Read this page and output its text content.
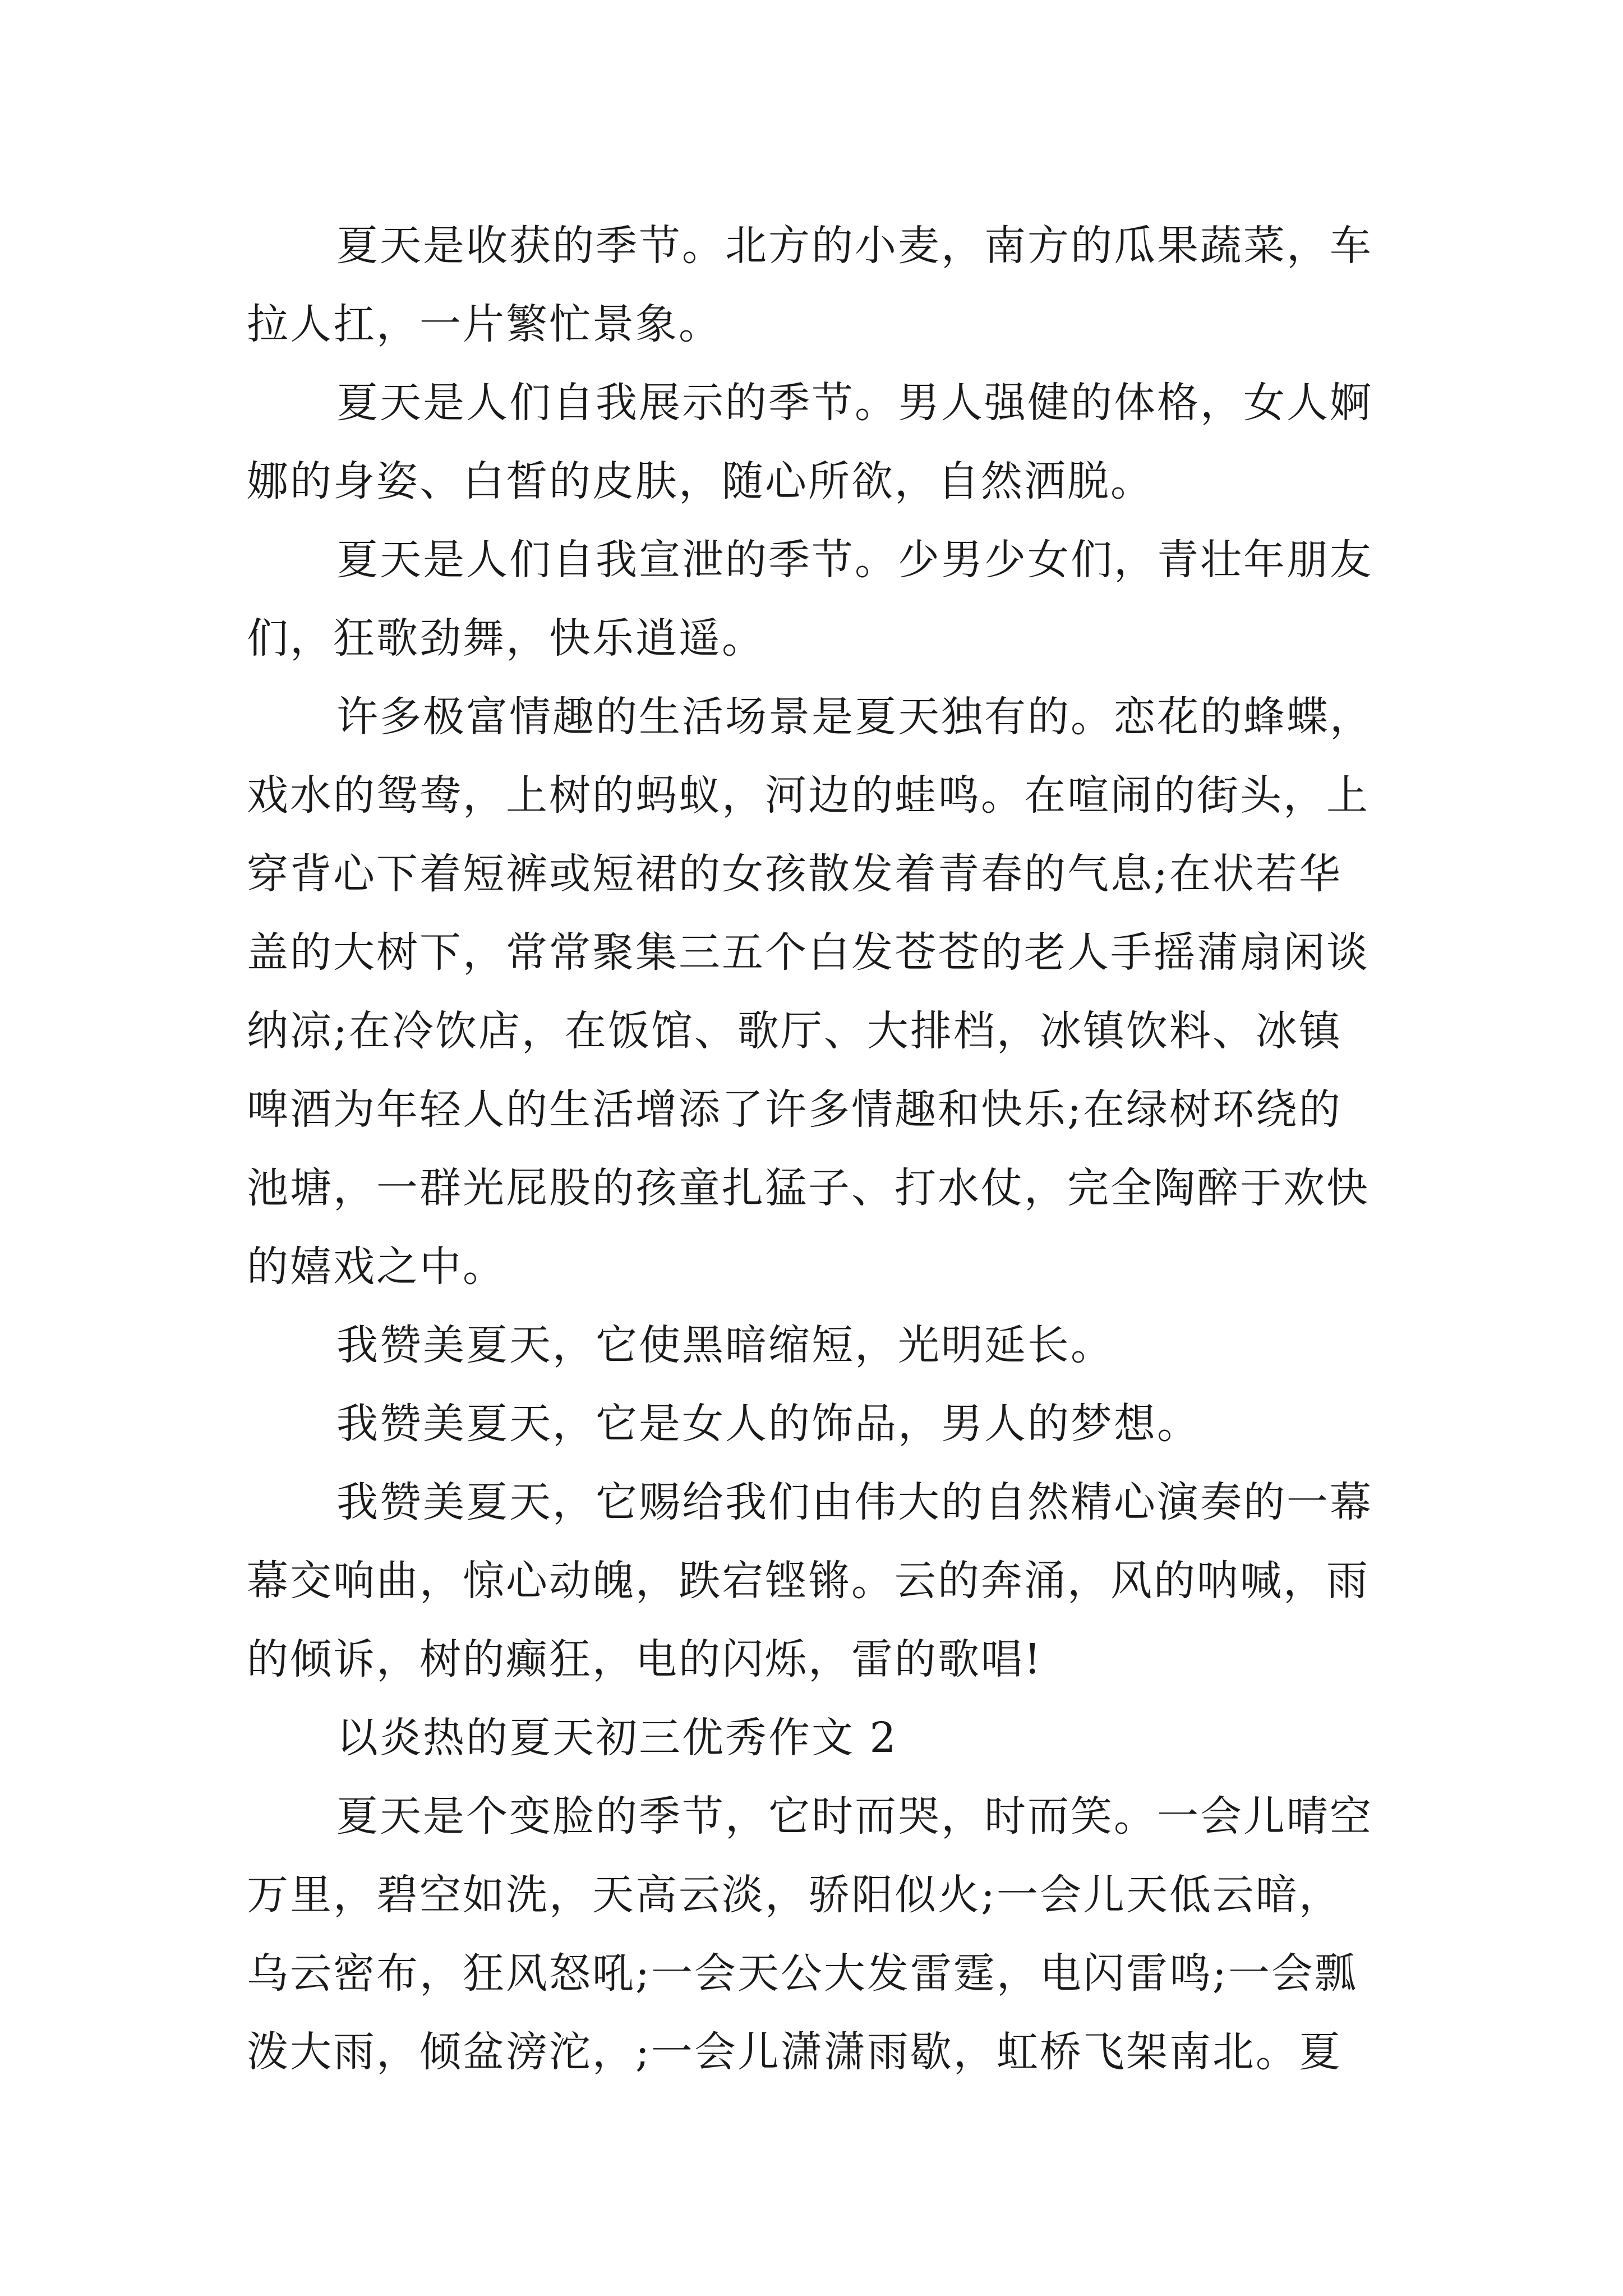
夏天是收获的季节。北方的小麦，南方的瓜果蔬菜，车
拉人扛，一片繁忙景象。
夏天是人们自我展示的季节。男人强健的体格，女人婀
娜的身姿、白皙的皮肤，随心所欲，自然洒脱。
夏天是人们自我宣泄的季节。少男少女们，青壮年朋友
们，狂歌劲舞，快乐逍遥。
许多极富情趣的生活场景是夏天独有的。恋花的蜂蝶，
戏水的鸳鸯，上树的蚂蚁，河边的蛙鸣。在喧闹的街头，上
穿背心下着短裤或短裙的女孩散发着青春的气息;在状若华
盖的大树下，常常聚集三五个白发苍苍的老人手摇蒲扇闲谈
纳凉;在冷饮店，在饭馆、歌厅、大排档，冰镇饮料、冰镇
啤酒为年轻人的生活增添了许多情趣和快乐;在绿树环绕的
池塘，一群光屁股的孩童扎猛子、打水仗，完全陶醉于欢快
的嬉戏之中。
我赞美夏天，它使黑暗缩短，光明延长。
我赞美夏天，它是女人的饰品，男人的梦想。
我赞美夏天，它赐给我们由伟大的自然精心演奏的一幕
幕交响曲，惊心动魄，跌宕铿锵。云的奔涌，风的呐喊，雨
的倾诉，树的癫狂，电的闪烁，雷的歌唱!
以炎热的夏天初三优秀作文 2
夏天是个变脸的季节，它时而哭，时而笑。一会儿晴空
万里，碧空如洗，天高云淡，骄阳似火;一会儿天低云暗，
乌云密布，狂风怒吼;一会天公大发雷霆，电闪雷鸣;一会瓢
泼大雨，倾盆滂沱，;一会儿潇潇雨歇，虹桥飞架南北。夏
